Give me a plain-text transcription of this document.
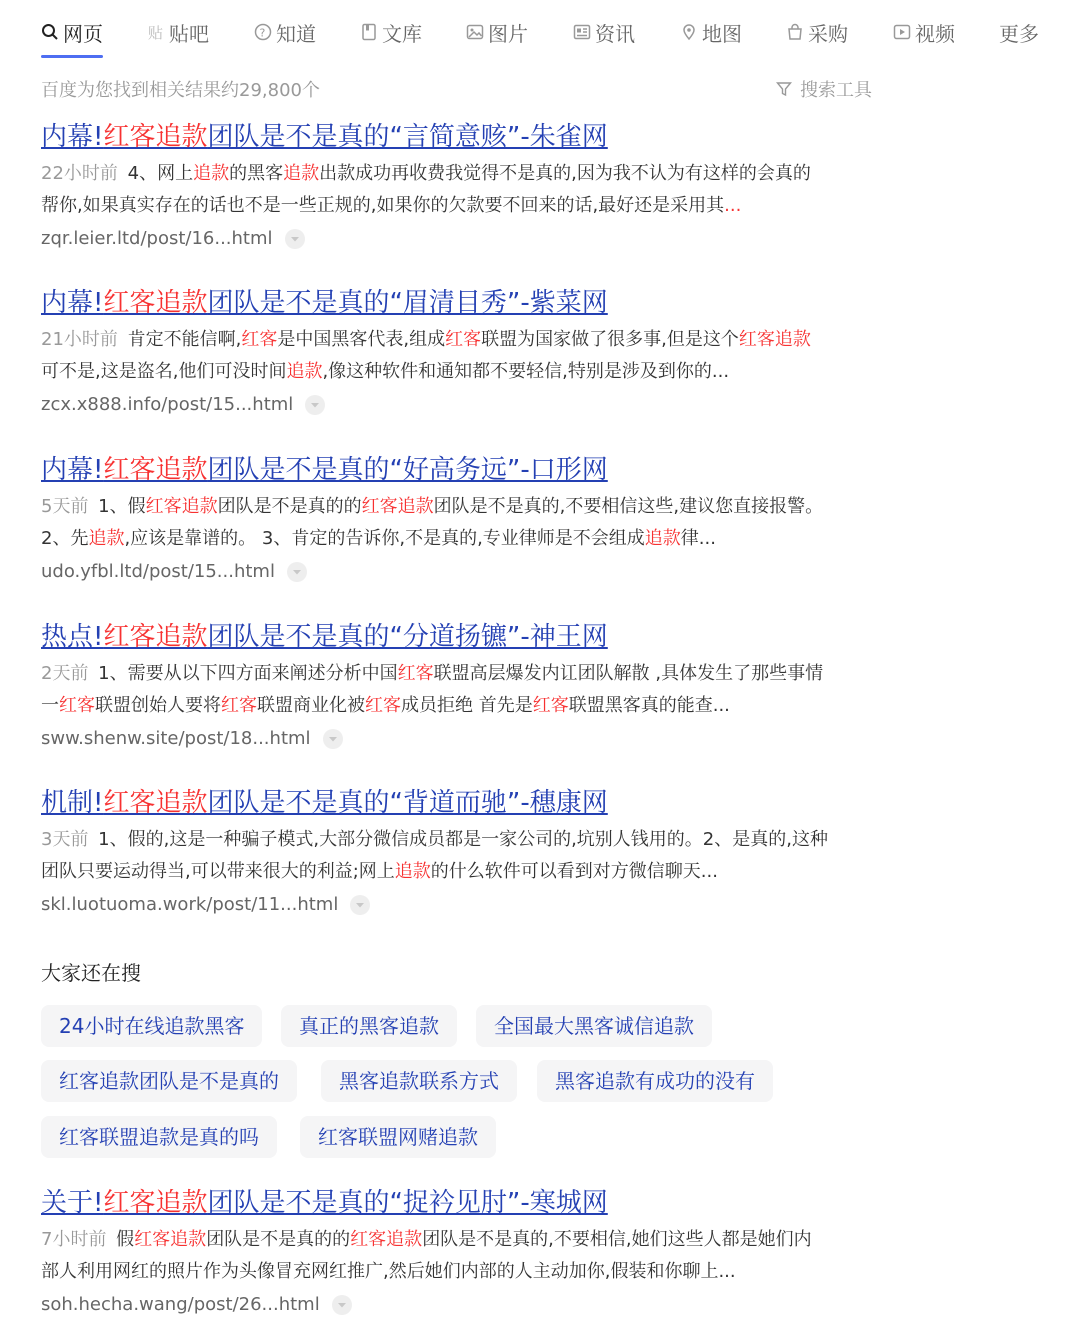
网页	贴 贴吧	? 知道	文库	图片	资讯	地图	采购	视频 更多
百度为您找到相关结果约29,800个	搜索工具
内幕!红客追款团队是不是真的“言简意赅”-朱雀网
22小时前 4、网上追款的黑客追款出款成功再收费我觉得不是真的,因为我不认为有这样的会真的
帮你,如果真实存在的话也不是一些正规的,如果你的欠款要不回来的话,最好还是采用其...
zqr.leier.ltd/post/16...html
内幕!红客追款团队是不是真的“眉清目秀”-紫菜网
21小时前 肯定不能信啊,红客是中国黑客代表,组成红客联盟为国家做了很多事,但是这个红客追款
可不是,这是盗名,他们可没时间追款,像这种软件和通知都不要轻信,特别是涉及到你的...
zcx.x888.info/post/15...html
内幕!红客追款团队是不是真的“好高务远”-口形网
5天前 1、假红客追款团队是不是真的的红客追款团队是不是真的,不要相信这些,建议您直接报警。
2、先追款,应该是靠谱的。 3、肯定的告诉你,不是真的,专业律师是不会组成追款律...
udo.yfbl.ltd/post/15...html
热点!红客追款团队是不是真的“分道扬镳”-神王网
2天前 1、需要从以下四方面来阐述分析中国红客联盟高层爆发内讧团队解散 ,具体发生了那些事情
一红客联盟创始人要将红客联盟商业化被红客成员拒绝 首先是红客联盟黑客真的能查...
sww.shenw.site/post/18...html
机制!红客追款团队是不是真的“背道而驰”-穗康网
3天前 1、假的,这是一种骗子模式,大部分微信成员都是一家公司的,坑别人钱用的。2、是真的,这种
团队只要运动得当,可以带来很大的利益;网上追款的什么软件可以看到对方微信聊天...
skl.luotuoma.work/post/11...html
关于!红客追款团队是不是真的“捉衿见肘”-寒城网
7小时前 假红客追款团队是不是真的的红客追款团队是不是真的,不要相信,她们这些人都是她们内
部人利用网红的照片作为头像冒充网红推广,然后她们内部的人主动加你,假装和你聊上...
soh.hecha.wang/post/26...html
大家还在搜
24小时在线追款黑客	真正的黑客追款	全国最大黑客诚信追款
红客追款团队是不是真的	黑客追款联系方式	黑客追款有成功的没有
红客联盟追款是真的吗	红客联盟网赌追款
